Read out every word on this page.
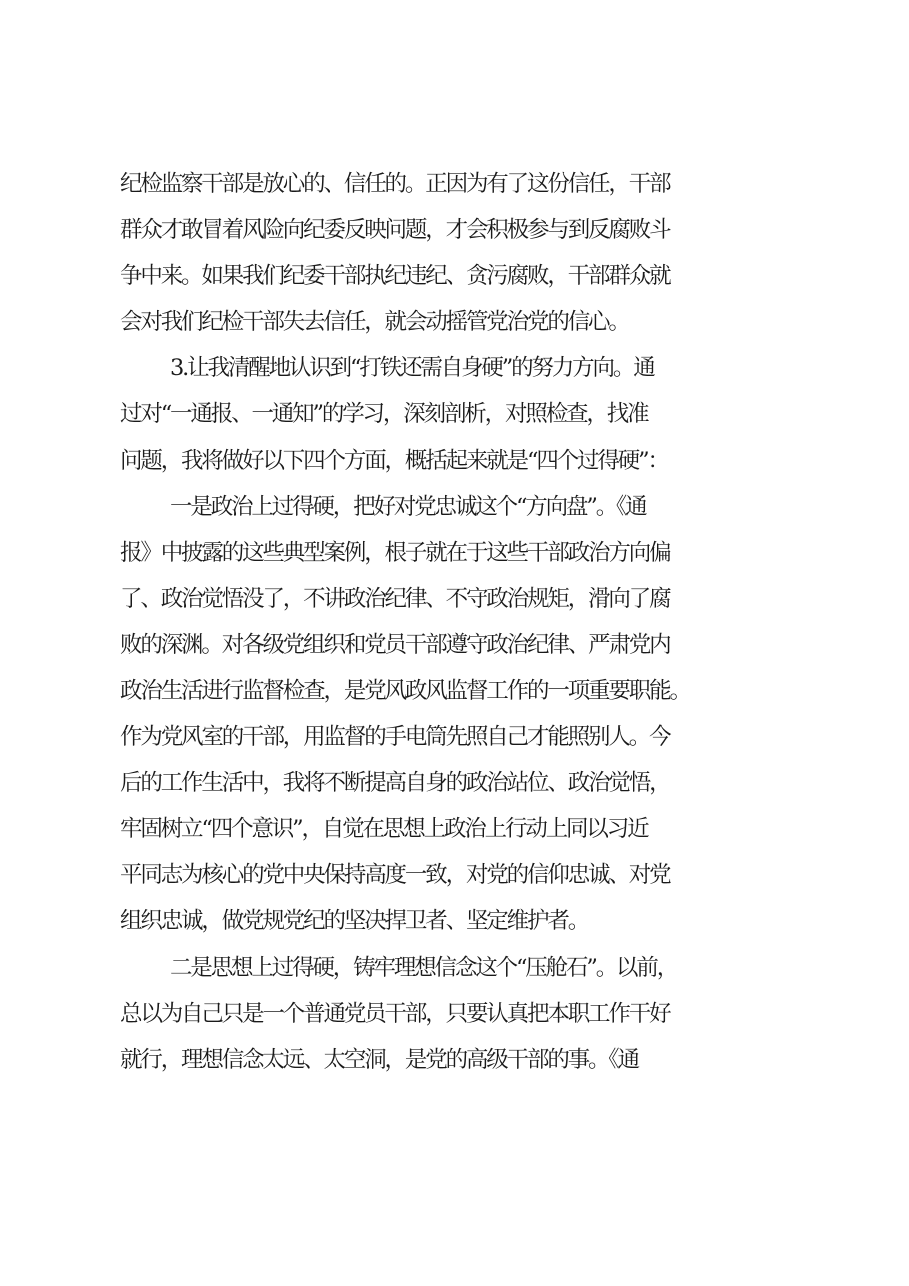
纪检监察干部是放心的、信任的。正因为有了这份信任，干部
群众才敢冒着风险向纪委反映问题，才会积极参与到反腐败斗
争中来。如果我们纪委干部执纪违纪、贪污腐败，干部群众就
会对我们纪检干部失去信任，就会动摇管党治党的信心。
3.让我清醒地认识到“打铁还需自身硬”的努力方向。通
过对“一通报、一通知”的学习，深刻剖析，对照检查，找准
问题，我将做好以下四个方面，概括起来就是“四个过得硬”：
一是政治上过得硬，把好对党忠诚这个“方向盘”。《通
报》中披露的这些典型案例，根子就在于这些干部政治方向偏
了、政治觉悟没了，不讲政治纪律、不守政治规矩，滑向了腐
败的深渊。对各级党组织和党员干部遵守政治纪律、严肃党内
政治生活进行监督检查，是党风政风监督工作的一项重要职能。
作为党风室的干部，用监督的手电筒先照自己才能照别人。今
后的工作生活中，我将不断提高自身的政治站位、政治觉悟，
牢固树立“四个意识”，自觉在思想上政治上行动上同以习近
平同志为核心的党中央保持高度一致，对党的信仰忠诚、对党
组织忠诚，做党规党纪的坚决捍卫者、坚定维护者。
二是思想上过得硬，铸牢理想信念这个“压舱石”。以前，
总以为自己只是一个普通党员干部，只要认真把本职工作干好
就行，理想信念太远、太空洞，是党的高级干部的事。《通
